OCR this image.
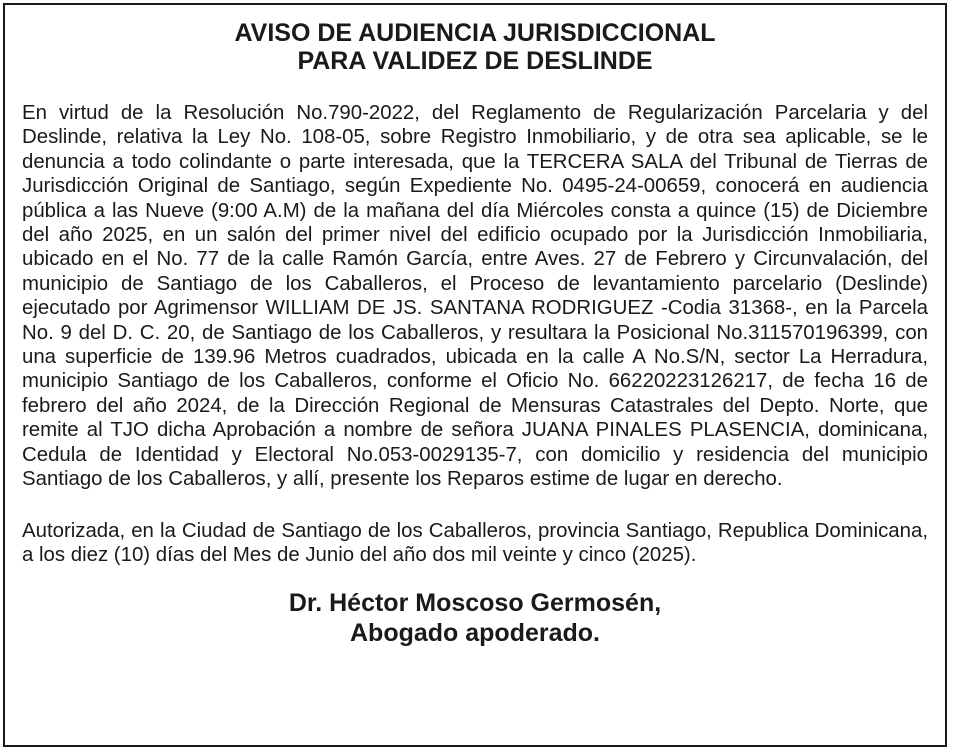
AVISO DE AUDIENCIA JURISDICCIONAL
PARA VALIDEZ DE DESLINDE

En virtud de la Resolución No.790-2022, del Reglamento de Regularización Parcelaria y del Deslinde, relativa la Ley No. 108-05, sobre Registro Inmobiliario, y de otra sea aplicable, se le denuncia a todo colindante o parte interesada, que la TERCERA SALA del Tribunal de Tierras de Jurisdicción Original de Santiago, según Expediente No. 0495-24-00659, conocerá en audiencia pública a las Nueve (9:00 A.M) de la mañana del día Miércoles consta a quince (15) de Diciembre del año 2025, en un salón del primer nivel del edificio ocupado por la Jurisdicción Inmobiliaria, ubicado en el No. 77 de la calle Ramón García, entre Aves. 27 de Febrero y Circunvalación, del municipio de Santiago de los Caballeros, el Proceso de levantamiento parcelario (Deslinde) ejecutado por Agrimensor WILLIAM DE JS. SANTANA RODRIGUEZ -Codia 31368-, en la Parcela No. 9 del D. C. 20, de Santiago de los Caballeros, y resultara la Posicional No.311570196399, con una superficie de 139.96 Metros cuadrados, ubicada en la calle A No.S/N, sector La Herradura, municipio Santiago de los Caballeros, conforme el Oficio No. 66220223126217, de fecha 16 de febrero del año 2024, de la Dirección Regional de Mensuras Catastrales del Depto. Norte, que remite al TJO dicha Aprobación a nombre de señora JUANA PINALES PLASENCIA, dominicana, Cedula de Identidad y Electoral No.053-0029135-7, con domicilio y residencia del municipio Santiago de los Caballeros, y allí, presente los Reparos estime de lugar en derecho.

Autorizada, en la Ciudad de Santiago de los Caballeros, provincia Santiago, Republica Dominicana, a los diez (10) días del Mes de Junio del año dos mil veinte y cinco (2025).

Dr. Héctor Moscoso Germosén,
Abogado apoderado.
